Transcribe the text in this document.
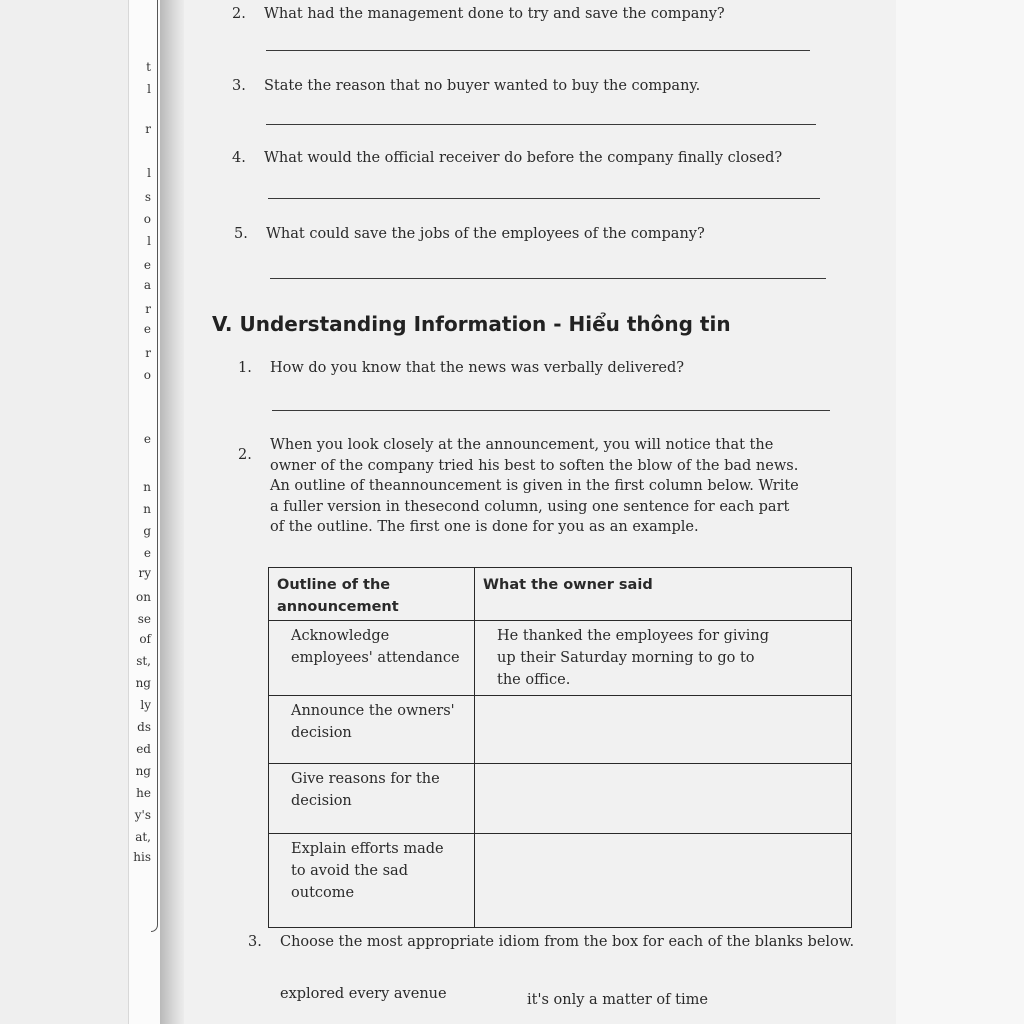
t
l
r
l
s
o
l
e
a
r
e
r
o
e
n
n
g
e
ry
on
se
of
st,
ng
ly
ds
ed
ng
he
y's
at,
his
2. What had the management done to try and save the company?
3. State the reason that no buyer wanted to buy the company.
4. What would the official receiver do before the company finally closed?
5. What could save the jobs of the employees of the company?
V. Understanding Information - Hiểu thông tin
1. How do you know that the news was verbally delivered?
2.
When you look closely at the announcement, you will notice that the
owner of the company tried his best to soften the blow of the bad news.
An outline of theannouncement is given in the first column below. Write
a fuller version in thesecond column, using one sentence for each part
of the outline. The first one is done for you as an example.
Outline of the announcement	What the owner said

Acknowledge
employees' attendance	He thanked the employees for giving
up their Saturday morning to go to
the office.

Announce the owners'
decision	

Give reasons for the
decision	

Explain efforts made
to avoid the sad
outcome	

3. Choose the most appropriate idiom from the box for each of the blanks below.
explored every avenue	it's only a matter of time
